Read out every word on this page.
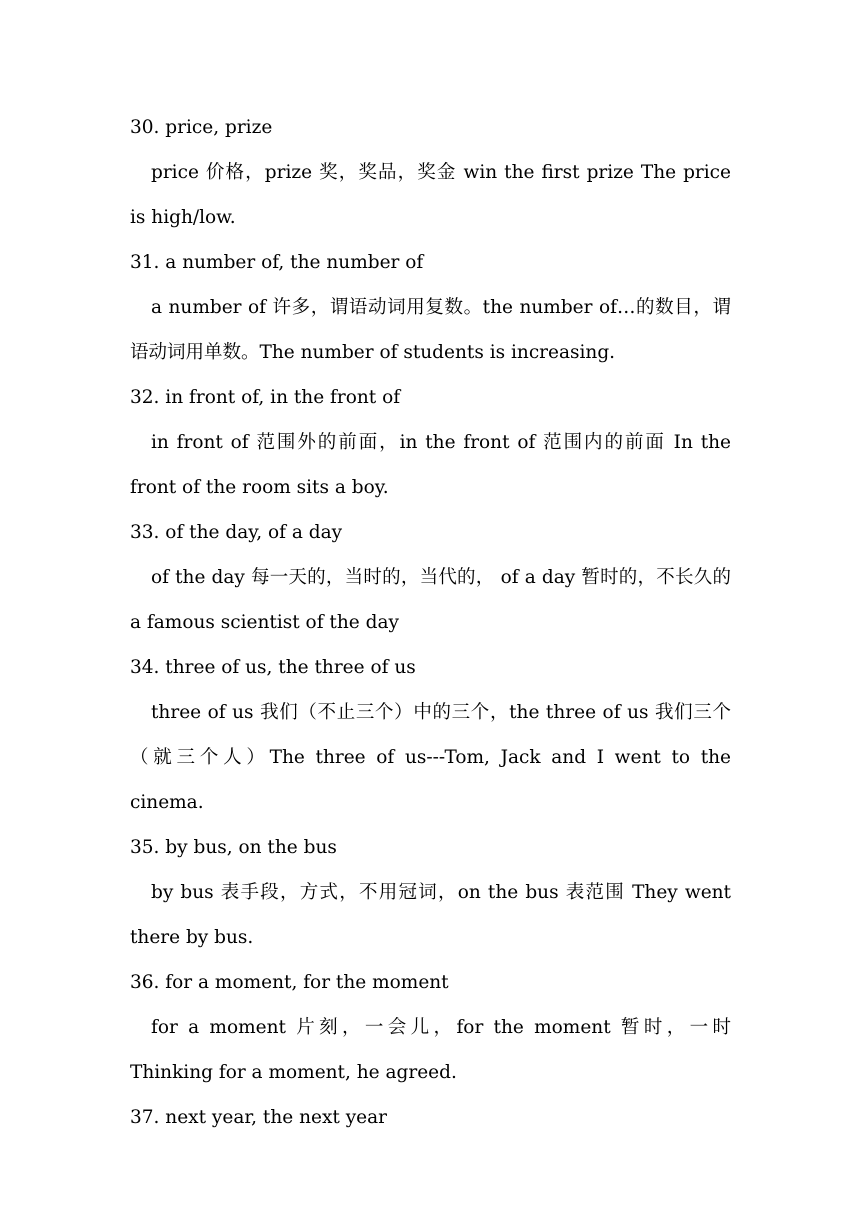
30. price, prize

price 价格，prize 奖，奖品，奖金 win the first prize The price is high/low.

31. a number of, the number of

a number of 许多，谓语动词用复数。the number of…的数目，谓语动词用单数。The number of students is increasing.

32. in front of, in the front of

in front of 范围外的前面，in the front of 范围内的前面 In the front of the room sits a boy.

33. of the day, of a day

of the day 每一天的，当时的，当代的， of a day 暂时的，不长久的 a famous scientist of the day

34. three of us, the three of us

three of us 我们（不止三个）中的三个，the three of us 我们三个（就三个人）The three of us---Tom, Jack and I went to the cinema.

35. by bus, on the bus

by bus 表手段，方式，不用冠词，on the bus 表范围 They went there by bus.

36. for a moment, for the moment

for a moment 片刻，一会儿，for the moment 暂时，一时 Thinking for a moment, he agreed.

37. next year, the next year
